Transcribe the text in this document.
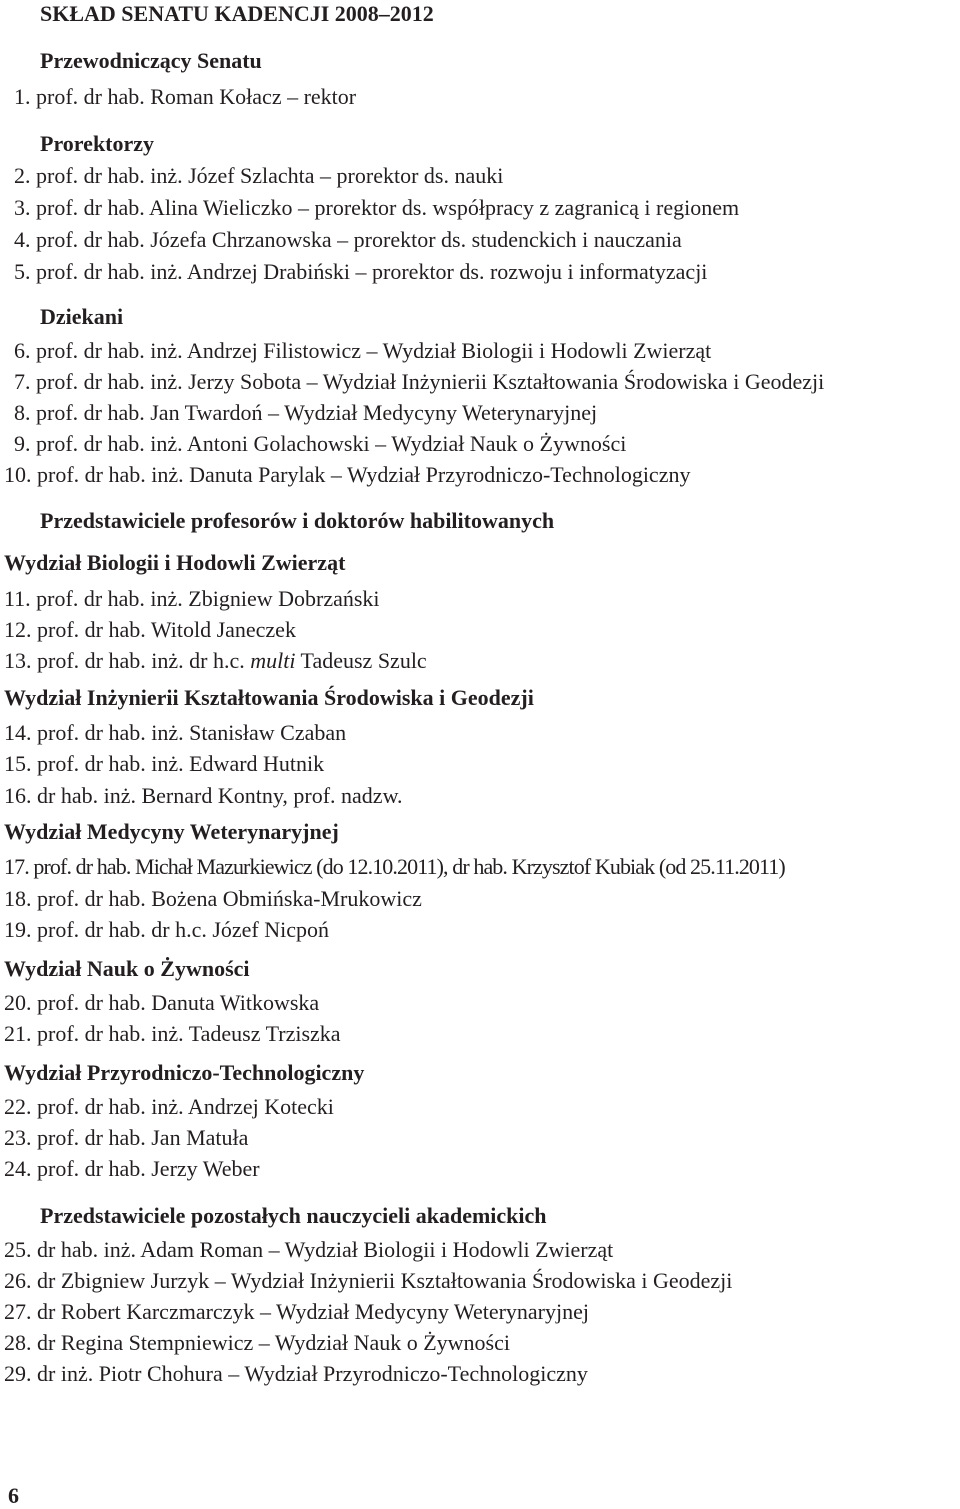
SKŁAD SENATU KADENCJI 2008–2012
Przewodniczący Senatu
1. prof. dr hab. Roman Kołacz – rektor
Prorektorzy
2. prof. dr hab. inż. Józef Szlachta – prorektor ds. nauki
3. prof. dr hab. Alina Wieliczko – prorektor ds. współpracy z zagranicą i regionem
4. prof. dr hab. Józefa Chrzanowska – prorektor ds. studenckich i nauczania
5. prof. dr hab. inż. Andrzej Drabiński – prorektor ds. rozwoju i informatyzacji
Dziekani
6. prof. dr hab. inż. Andrzej Filistowicz – Wydział Biologii i Hodowli Zwierząt
7. prof. dr hab. inż. Jerzy Sobota – Wydział Inżynierii Kształtowania Środowiska i Geodezji
8. prof. dr hab. Jan Twardoń – Wydział Medycyny Weterynaryjnej
9. prof. dr hab. inż. Antoni Golachowski – Wydział Nauk o Żywności
10. prof. dr hab. inż. Danuta Parylak – Wydział Przyrodniczo-Technologiczny
Przedstawiciele profesorów i doktorów habilitowanych
Wydział Biologii i Hodowli Zwierząt
11. prof. dr hab. inż. Zbigniew Dobrzański
12. prof. dr hab. Witold Janeczek
13. prof. dr hab. inż. dr h.c. multi Tadeusz Szulc
Wydział Inżynierii Kształtowania Środowiska i Geodezji
14. prof. dr hab. inż. Stanisław Czaban
15. prof. dr hab. inż. Edward Hutnik
16. dr hab. inż. Bernard Kontny, prof. nadzw.
Wydział Medycyny Weterynaryjnej
17. prof. dr hab. Michał Mazurkiewicz (do 12.10.2011), dr hab. Krzysztof Kubiak (od 25.11.2011)
18. prof. dr hab. Bożena Obmińska-Mrukowicz
19. prof. dr hab. dr h.c. Józef Nicpoń
Wydział Nauk o Żywności
20. prof. dr hab. Danuta Witkowska
21. prof. dr hab. inż. Tadeusz Trziszka
Wydział Przyrodniczo-Technologiczny
22. prof. dr hab. inż. Andrzej Kotecki
23. prof. dr hab. Jan Matuła
24. prof. dr hab. Jerzy Weber
Przedstawiciele pozostałych nauczycieli akademickich
25. dr hab. inż. Adam Roman – Wydział Biologii i Hodowli Zwierząt
26. dr Zbigniew Jurzyk – Wydział Inżynierii Kształtowania Środowiska i Geodezji
27. dr Robert Karczmarczyk – Wydział Medycyny Weterynaryjnej
28. dr Regina Stempniewicz – Wydział Nauk o Żywności
29. dr inż. Piotr Chohura – Wydział Przyrodniczo-Technologiczny
6
